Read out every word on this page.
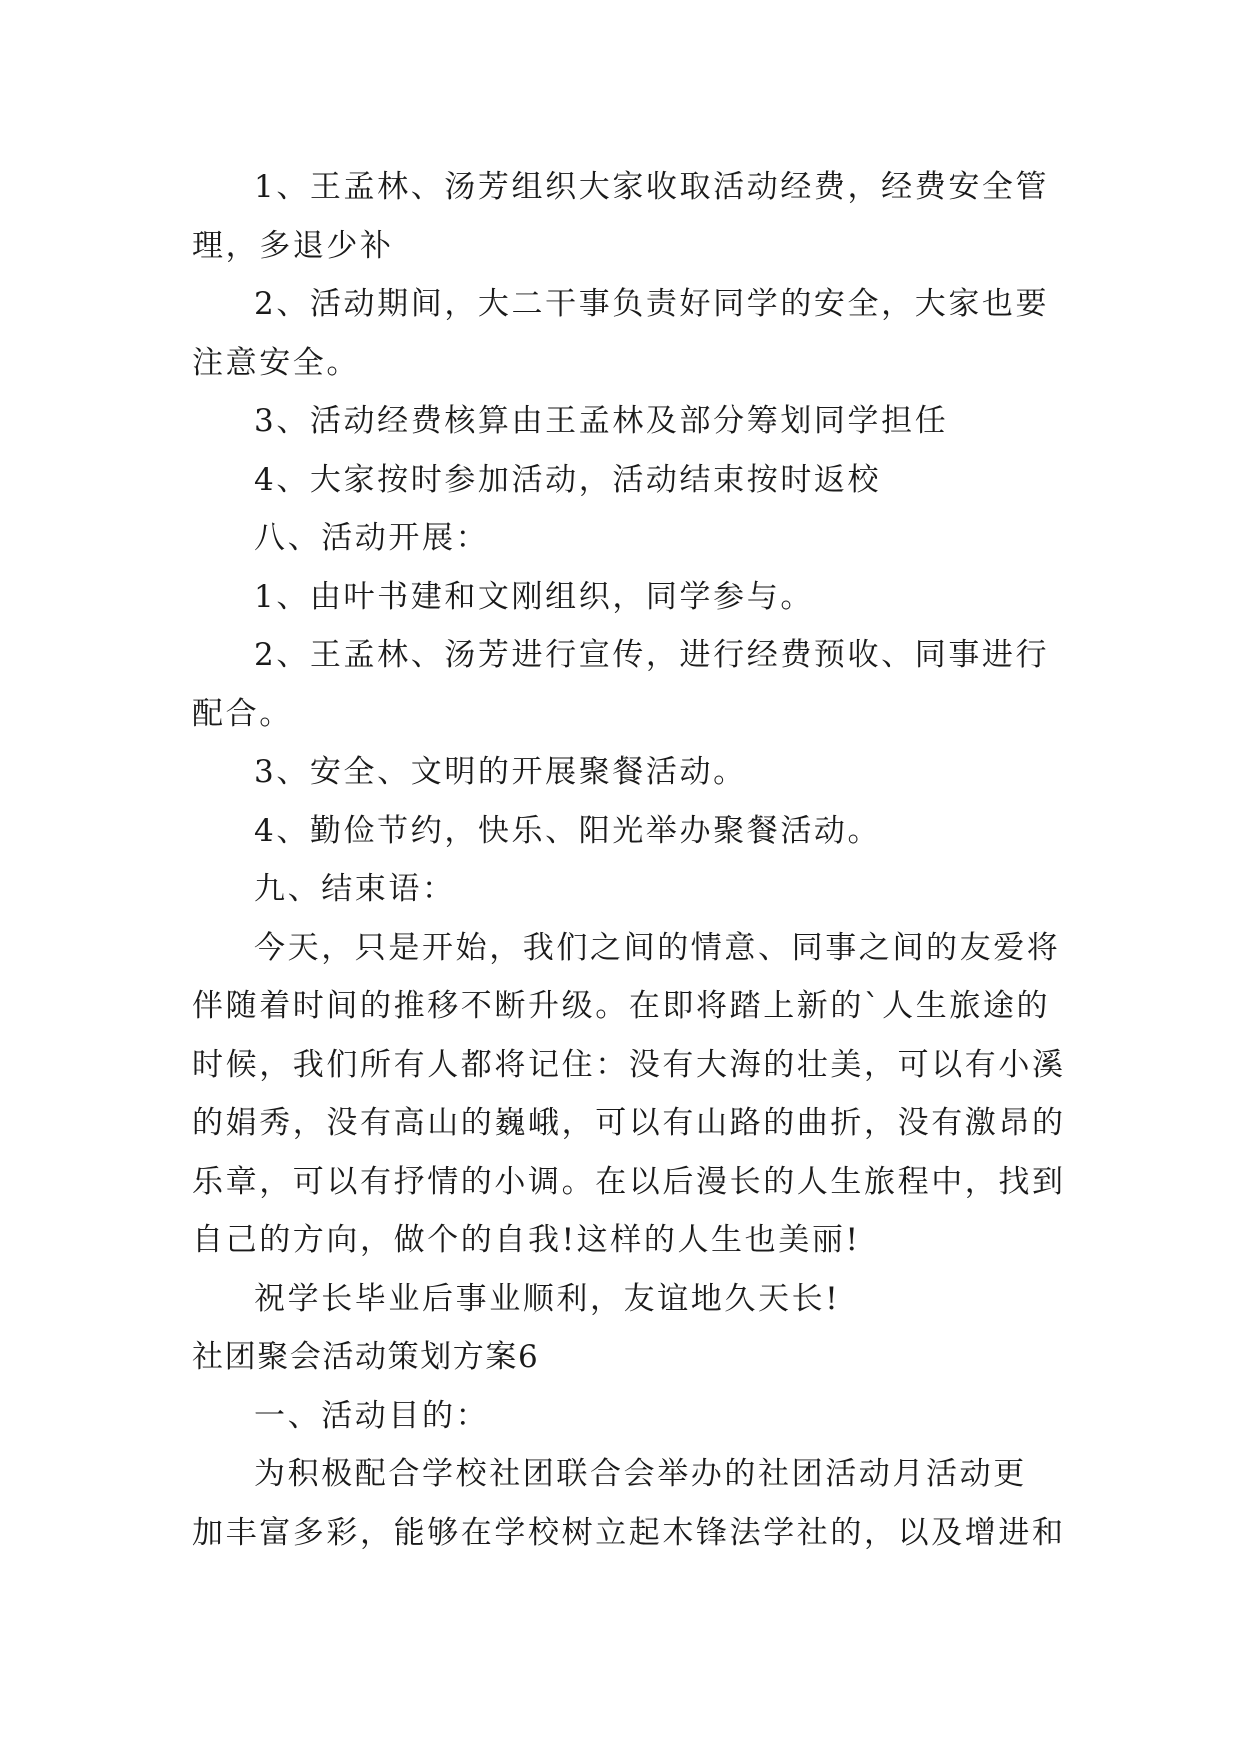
1、王孟林、汤芳组织大家收取活动经费，经费安全管
理，多退少补
2、活动期间，大二干事负责好同学的安全，大家也要
注意安全。
3、活动经费核算由王孟林及部分筹划同学担任
4、大家按时参加活动，活动结束按时返校
八、活动开展：
1、由叶书建和文刚组织，同学参与。
2、王孟林、汤芳进行宣传，进行经费预收、同事进行
配合。
3、安全、文明的开展聚餐活动。
4、勤俭节约，快乐、阳光举办聚餐活动。
九、结束语：
今天，只是开始，我们之间的情意、同事之间的友爱将
伴随着时间的推移不断升级。在即将踏上新的`人生旅途的
时候，我们所有人都将记住：没有大海的壮美，可以有小溪
的娟秀，没有高山的巍峨，可以有山路的曲折，没有激昂的
乐章，可以有抒情的小调。在以后漫长的人生旅程中，找到
自己的方向，做个的自我!这样的人生也美丽!
祝学长毕业后事业顺利，友谊地久天长!
社团聚会活动策划方案6
一、活动目的：
为积极配合学校社团联合会举办的社团活动月活动更
加丰富多彩，能够在学校树立起木锋法学社的，以及增进和
